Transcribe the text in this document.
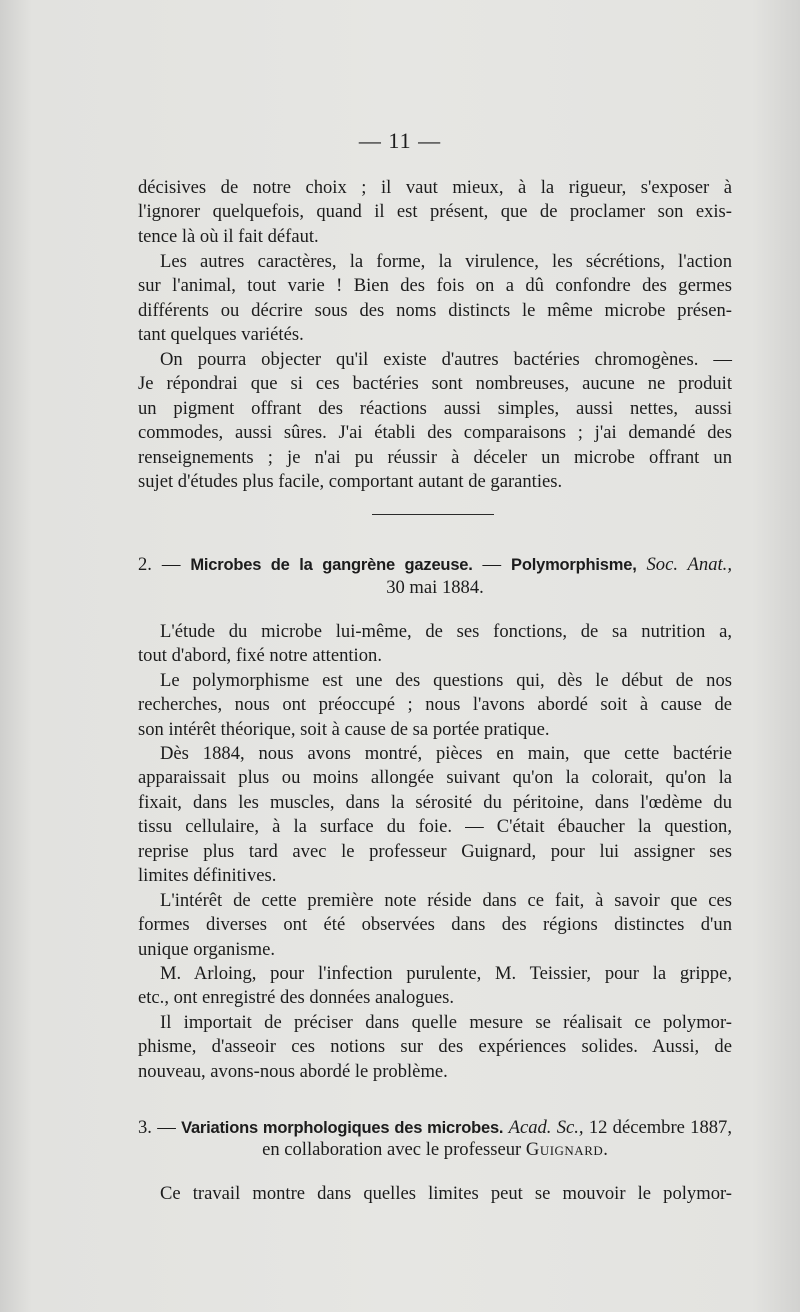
— 11 —
décisives de notre choix ; il vaut mieux, à la rigueur, s'exposer à
l'ignorer quelquefois, quand il est présent, que de proclamer son exis-
tence là où il fait défaut.
Les autres caractères, la forme, la virulence, les sécrétions, l'action
sur l'animal, tout varie ! Bien des fois on a dû confondre des germes
différents ou décrire sous des noms distincts le même microbe présen-
tant quelques variétés.
On pourra objecter qu'il existe d'autres bactéries chromogènes. —
Je répondrai que si ces bactéries sont nombreuses, aucune ne produit
un pigment offrant des réactions aussi simples, aussi nettes, aussi
commodes, aussi sûres. J'ai établi des comparaisons ; j'ai demandé des
renseignements ; je n'ai pu réussir à déceler un microbe offrant un
sujet d'études plus facile, comportant autant de garanties.
2. — Microbes de la gangrène gazeuse. — Polymorphisme, Soc. Anat.,
30 mai 1884.
L'étude du microbe lui-même, de ses fonctions, de sa nutrition a,
tout d'abord, fixé notre attention.
Le polymorphisme est une des questions qui, dès le début de nos
recherches, nous ont préoccupé ; nous l'avons abordé soit à cause de
son intérêt théorique, soit à cause de sa portée pratique.
Dès 1884, nous avons montré, pièces en main, que cette bactérie
apparaissait plus ou moins allongée suivant qu'on la colorait, qu'on la
fixait, dans les muscles, dans la sérosité du péritoine, dans l'œdème du
tissu cellulaire, à la surface du foie. — C'était ébaucher la question,
reprise plus tard avec le professeur Guignard, pour lui assigner ses
limites définitives.
L'intérêt de cette première note réside dans ce fait, à savoir que ces
formes diverses ont été observées dans des régions distinctes d'un
unique organisme.
M. Arloing, pour l'infection purulente, M. Teissier, pour la grippe,
etc., ont enregistré des données analogues.
Il importait de préciser dans quelle mesure se réalisait ce polymor-
phisme, d'asseoir ces notions sur des expériences solides. Aussi, de
nouveau, avons-nous abordé le problème.
3. — Variations morphologiques des microbes. Acad. Sc., 12 décembre 1887,
en collaboration avec le professeur Guignard.
Ce travail montre dans quelles limites peut se mouvoir le polymor-
